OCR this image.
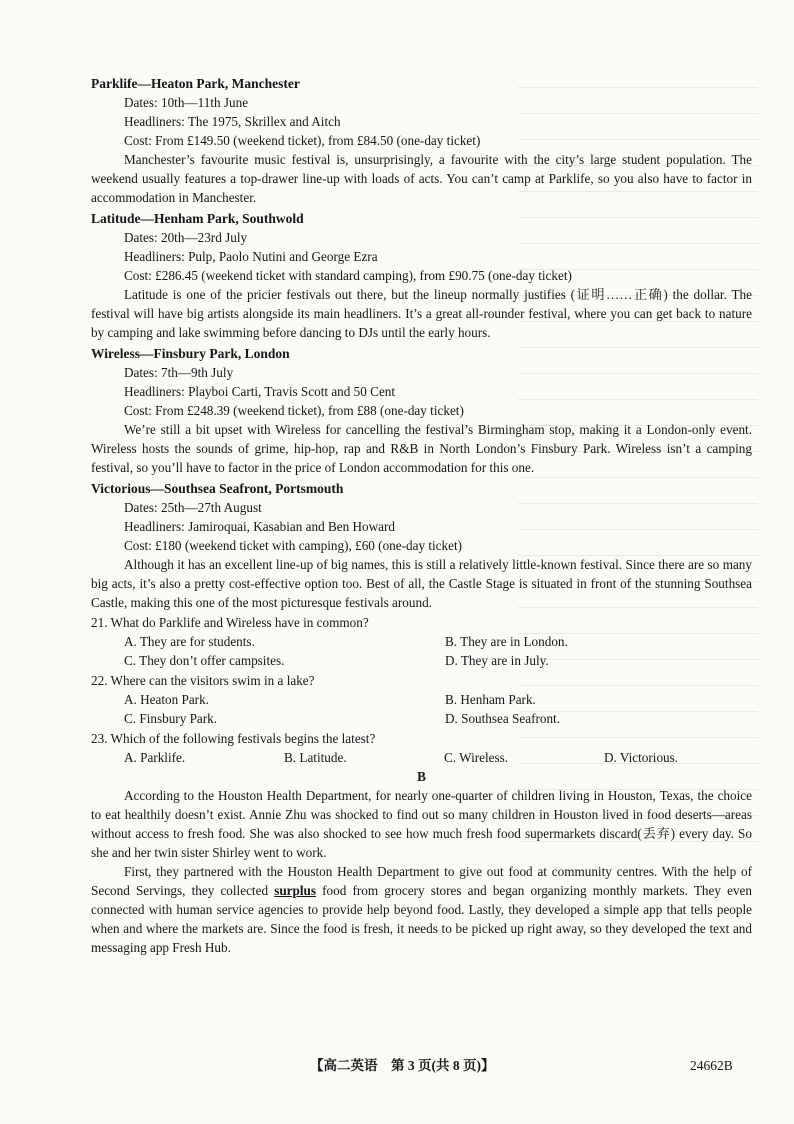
Parklife—Heaton Park, Manchester
Dates: 10th—11th June
Headliners: The 1975, Skrillex and Aitch
Cost: From £149.50 (weekend ticket), from £84.50 (one-day ticket)
Manchester’s favourite music festival is, unsurprisingly, a favourite with the city’s large student population. The weekend usually features a top-drawer line-up with loads of acts. You can’t camp at Parklife, so you also have to factor in accommodation in Manchester.
Latitude—Henham Park, Southwold
Dates: 20th—23rd July
Headliners: Pulp, Paolo Nutini and George Ezra
Cost: £286.45 (weekend ticket with standard camping), from £90.75 (one-day ticket)
Latitude is one of the pricier festivals out there, but the lineup normally justifies (证明……正确) the dollar. The festival will have big artists alongside its main headliners. It’s a great all-rounder festival, where you can get back to nature by camping and lake swimming before dancing to DJs until the early hours.
Wireless—Finsbury Park, London
Dates: 7th—9th July
Headliners: Playboi Carti, Travis Scott and 50 Cent
Cost: From £248.39 (weekend ticket), from £88 (one-day ticket)
We’re still a bit upset with Wireless for cancelling the festival’s Birmingham stop, making it a London-only event. Wireless hosts the sounds of grime, hip-hop, rap and R&B in North London’s Finsbury Park. Wireless isn’t a camping festival, so you’ll have to factor in the price of London accommodation for this one.
Victorious—Southsea Seafront, Portsmouth
Dates: 25th—27th August
Headliners: Jamiroquai, Kasabian and Ben Howard
Cost: £180 (weekend ticket with camping), £60 (one-day ticket)
Although it has an excellent line-up of big names, this is still a relatively little-known festival. Since there are so many big acts, it’s also a pretty cost-effective option too. Best of all, the Castle Stage is situated in front of the stunning Southsea Castle, making this one of the most picturesque festivals around.
21. What do Parklife and Wireless have in common?
A. They are for students.	B. They are in London.
C. They don’t offer campsites.	D. They are in July.
22. Where can the visitors swim in a lake?
A. Heaton Park.	B. Henham Park.
C. Finsbury Park.	D. Southsea Seafront.
23. Which of the following festivals begins the latest?
A. Parklife.	B. Latitude.	C. Wireless.	D. Victorious.
B
According to the Houston Health Department, for nearly one-quarter of children living in Houston, Texas, the choice to eat healthily doesn’t exist. Annie Zhu was shocked to find out so many children in Houston lived in food deserts—areas without access to fresh food. She was also shocked to see how much fresh food supermarkets discard(丢弃) every day. So she and her twin sister Shirley went to work.
First, they partnered with the Houston Health Department to give out food at community centres. With the help of Second Servings, they collected surplus food from grocery stores and began organizing monthly markets. They even connected with human service agencies to provide help beyond food. Lastly, they developed a simple app that tells people when and where the markets are. Since the food is fresh, it needs to be picked up right away, so they developed the text and messaging app Fresh Hub.
【高二英语　第 3 页(共 8 页)】	24662B
